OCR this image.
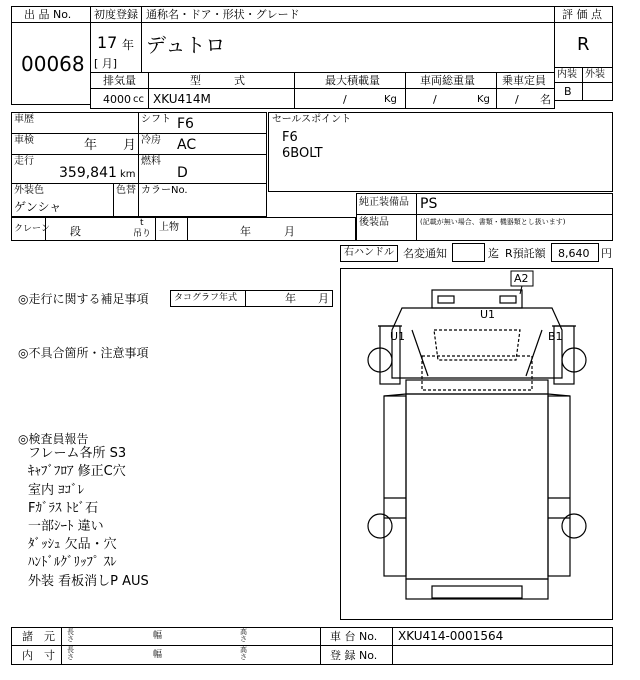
出 品 No.
00068
初度登録 通称名・ドア・形状・グレード
17 年
[ 月]
デュトロ
評 価 点
R
内装 外装
B
排気量	型　　　式	最大積載量	車両総重量 乗車定員
4000 cc XKU414M	/	Kg	/	Kg / 名
車歴	シフト F6
車検	年　　月 冷房 AC
走行
359,841 km
燃料
D
外装色
ゲンシャ
色替 カラーNo.
クレーン 段
t
吊り
上物	年　　　月
セールスポイント
F6
6BOLT
純正装備品 PS
後装品	(記載が無い場合、書類・機器類とし扱います)
右ハンドル 名変通知	迄 R預託額 8,640 円
◎走行に関する補足事項	タコグラフ年式	年　　月
◎不具合箇所・注意事項
◎検査員報告
フレーム各所 S3
ｷｬﾌﾞﾌﾛｱ 修正C穴
室内 ﾖｺﾞﾚ
Fｶﾞﾗｽ ﾄﾋﾞ石
一部ｼｰﾄ 違い
ﾀﾞｯｼｭ 欠品・穴
ﾊﾝﾄﾞﾙｸﾞﾘｯﾌﾟ ｽﾚ
外装 看板消しP AUS
A2
U1
U1	B1
諸　元
内　寸
長さ	幅	高さ
長さ	幅	高さ
車 台 No. XKU414-0001564
登 録 No.
